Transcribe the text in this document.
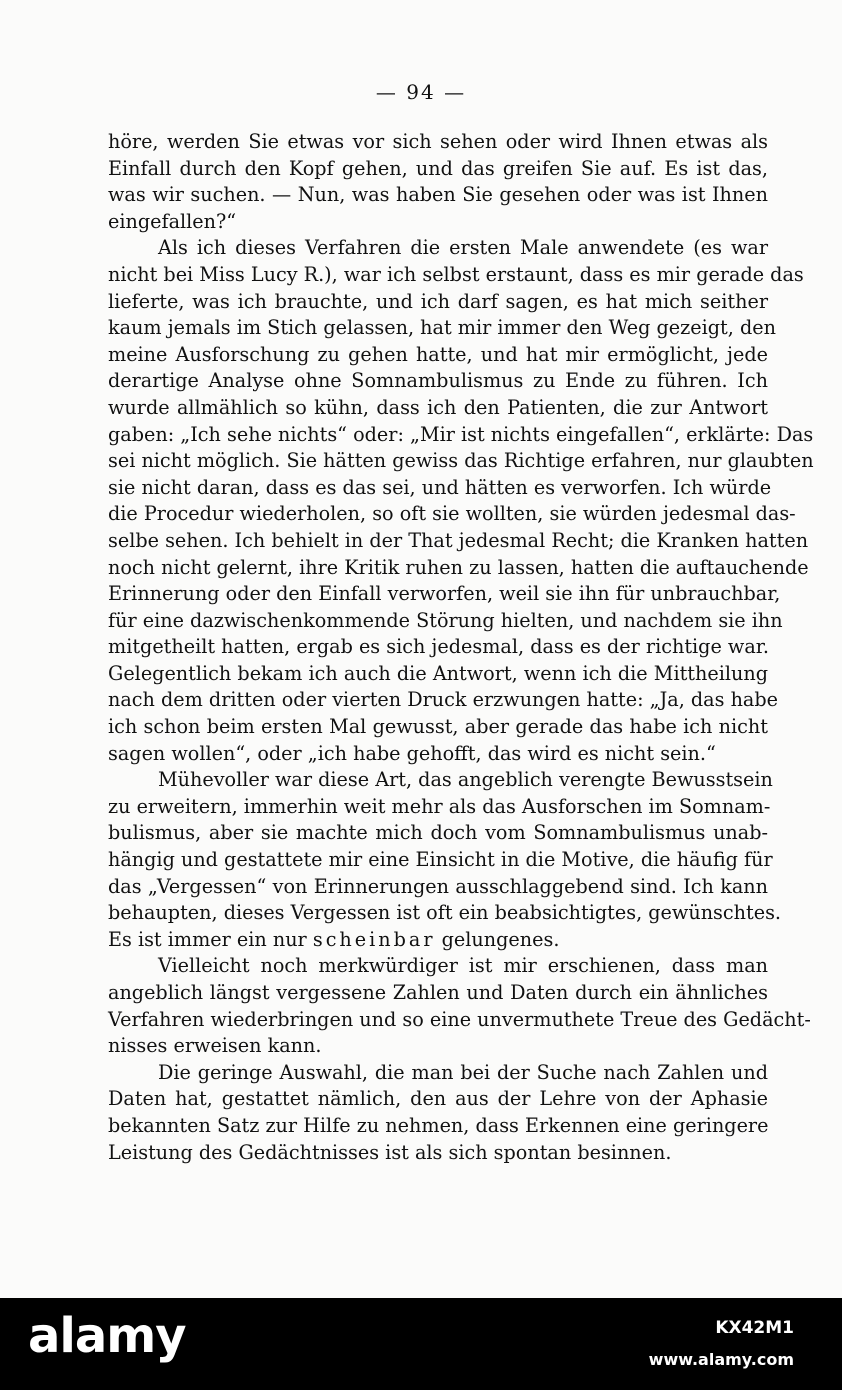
— 94 —
höre, werden Sie etwas vor sich sehen oder wird Ihnen etwas als
Einfall durch den Kopf gehen, und das greifen Sie auf. Es ist das,
was wir suchen. — Nun, was haben Sie gesehen oder was ist Ihnen
eingefallen?“
Als ich dieses Verfahren die ersten Male anwendete (es war
nicht bei Miss Lucy R.), war ich selbst erstaunt, dass es mir gerade das
lieferte, was ich brauchte, und ich darf sagen, es hat mich seither
kaum jemals im Stich gelassen, hat mir immer den Weg gezeigt, den
meine Ausforschung zu gehen hatte, und hat mir ermöglicht, jede
derartige Analyse ohne Somnambulismus zu Ende zu führen. Ich
wurde allmählich so kühn, dass ich den Patienten, die zur Antwort
gaben: „Ich sehe nichts“ oder: „Mir ist nichts eingefallen“, erklärte: Das
sei nicht möglich. Sie hätten gewiss das Richtige erfahren, nur glaubten
sie nicht daran, dass es das sei, und hätten es verworfen. Ich würde
die Procedur wiederholen, so oft sie wollten, sie würden jedesmal das-
selbe sehen. Ich behielt in der That jedesmal Recht; die Kranken hatten
noch nicht gelernt, ihre Kritik ruhen zu lassen, hatten die auftauchende
Erinnerung oder den Einfall verworfen, weil sie ihn für unbrauchbar,
für eine dazwischenkommende Störung hielten, und nachdem sie ihn
mitgetheilt hatten, ergab es sich jedesmal, dass es der richtige war.
Gelegentlich bekam ich auch die Antwort, wenn ich die Mittheilung
nach dem dritten oder vierten Druck erzwungen hatte: „Ja, das habe
ich schon beim ersten Mal gewusst, aber gerade das habe ich nicht
sagen wollen“, oder „ich habe gehofft, das wird es nicht sein.“
Mühevoller war diese Art, das angeblich verengte Bewusstsein
zu erweitern, immerhin weit mehr als das Ausforschen im Somnam-
bulismus, aber sie machte mich doch vom Somnambulismus unab-
hängig und gestattete mir eine Einsicht in die Motive, die häufig für
das „Vergessen“ von Erinnerungen ausschlaggebend sind. Ich kann
behaupten, dieses Vergessen ist oft ein beabsichtigtes, gewünschtes.
Es ist immer ein nur scheinbar gelungenes.
Vielleicht noch merkwürdiger ist mir erschienen, dass man
angeblich längst vergessene Zahlen und Daten durch ein ähnliches
Verfahren wiederbringen und so eine unvermuthete Treue des Gedächt-
nisses erweisen kann.
Die geringe Auswahl, die man bei der Suche nach Zahlen und
Daten hat, gestattet nämlich, den aus der Lehre von der Aphasie
bekannten Satz zur Hilfe zu nehmen, dass Erkennen eine geringere
Leistung des Gedächtnisses ist als sich spontan besinnen.
alamy	KX42M1
www.alamy.com
